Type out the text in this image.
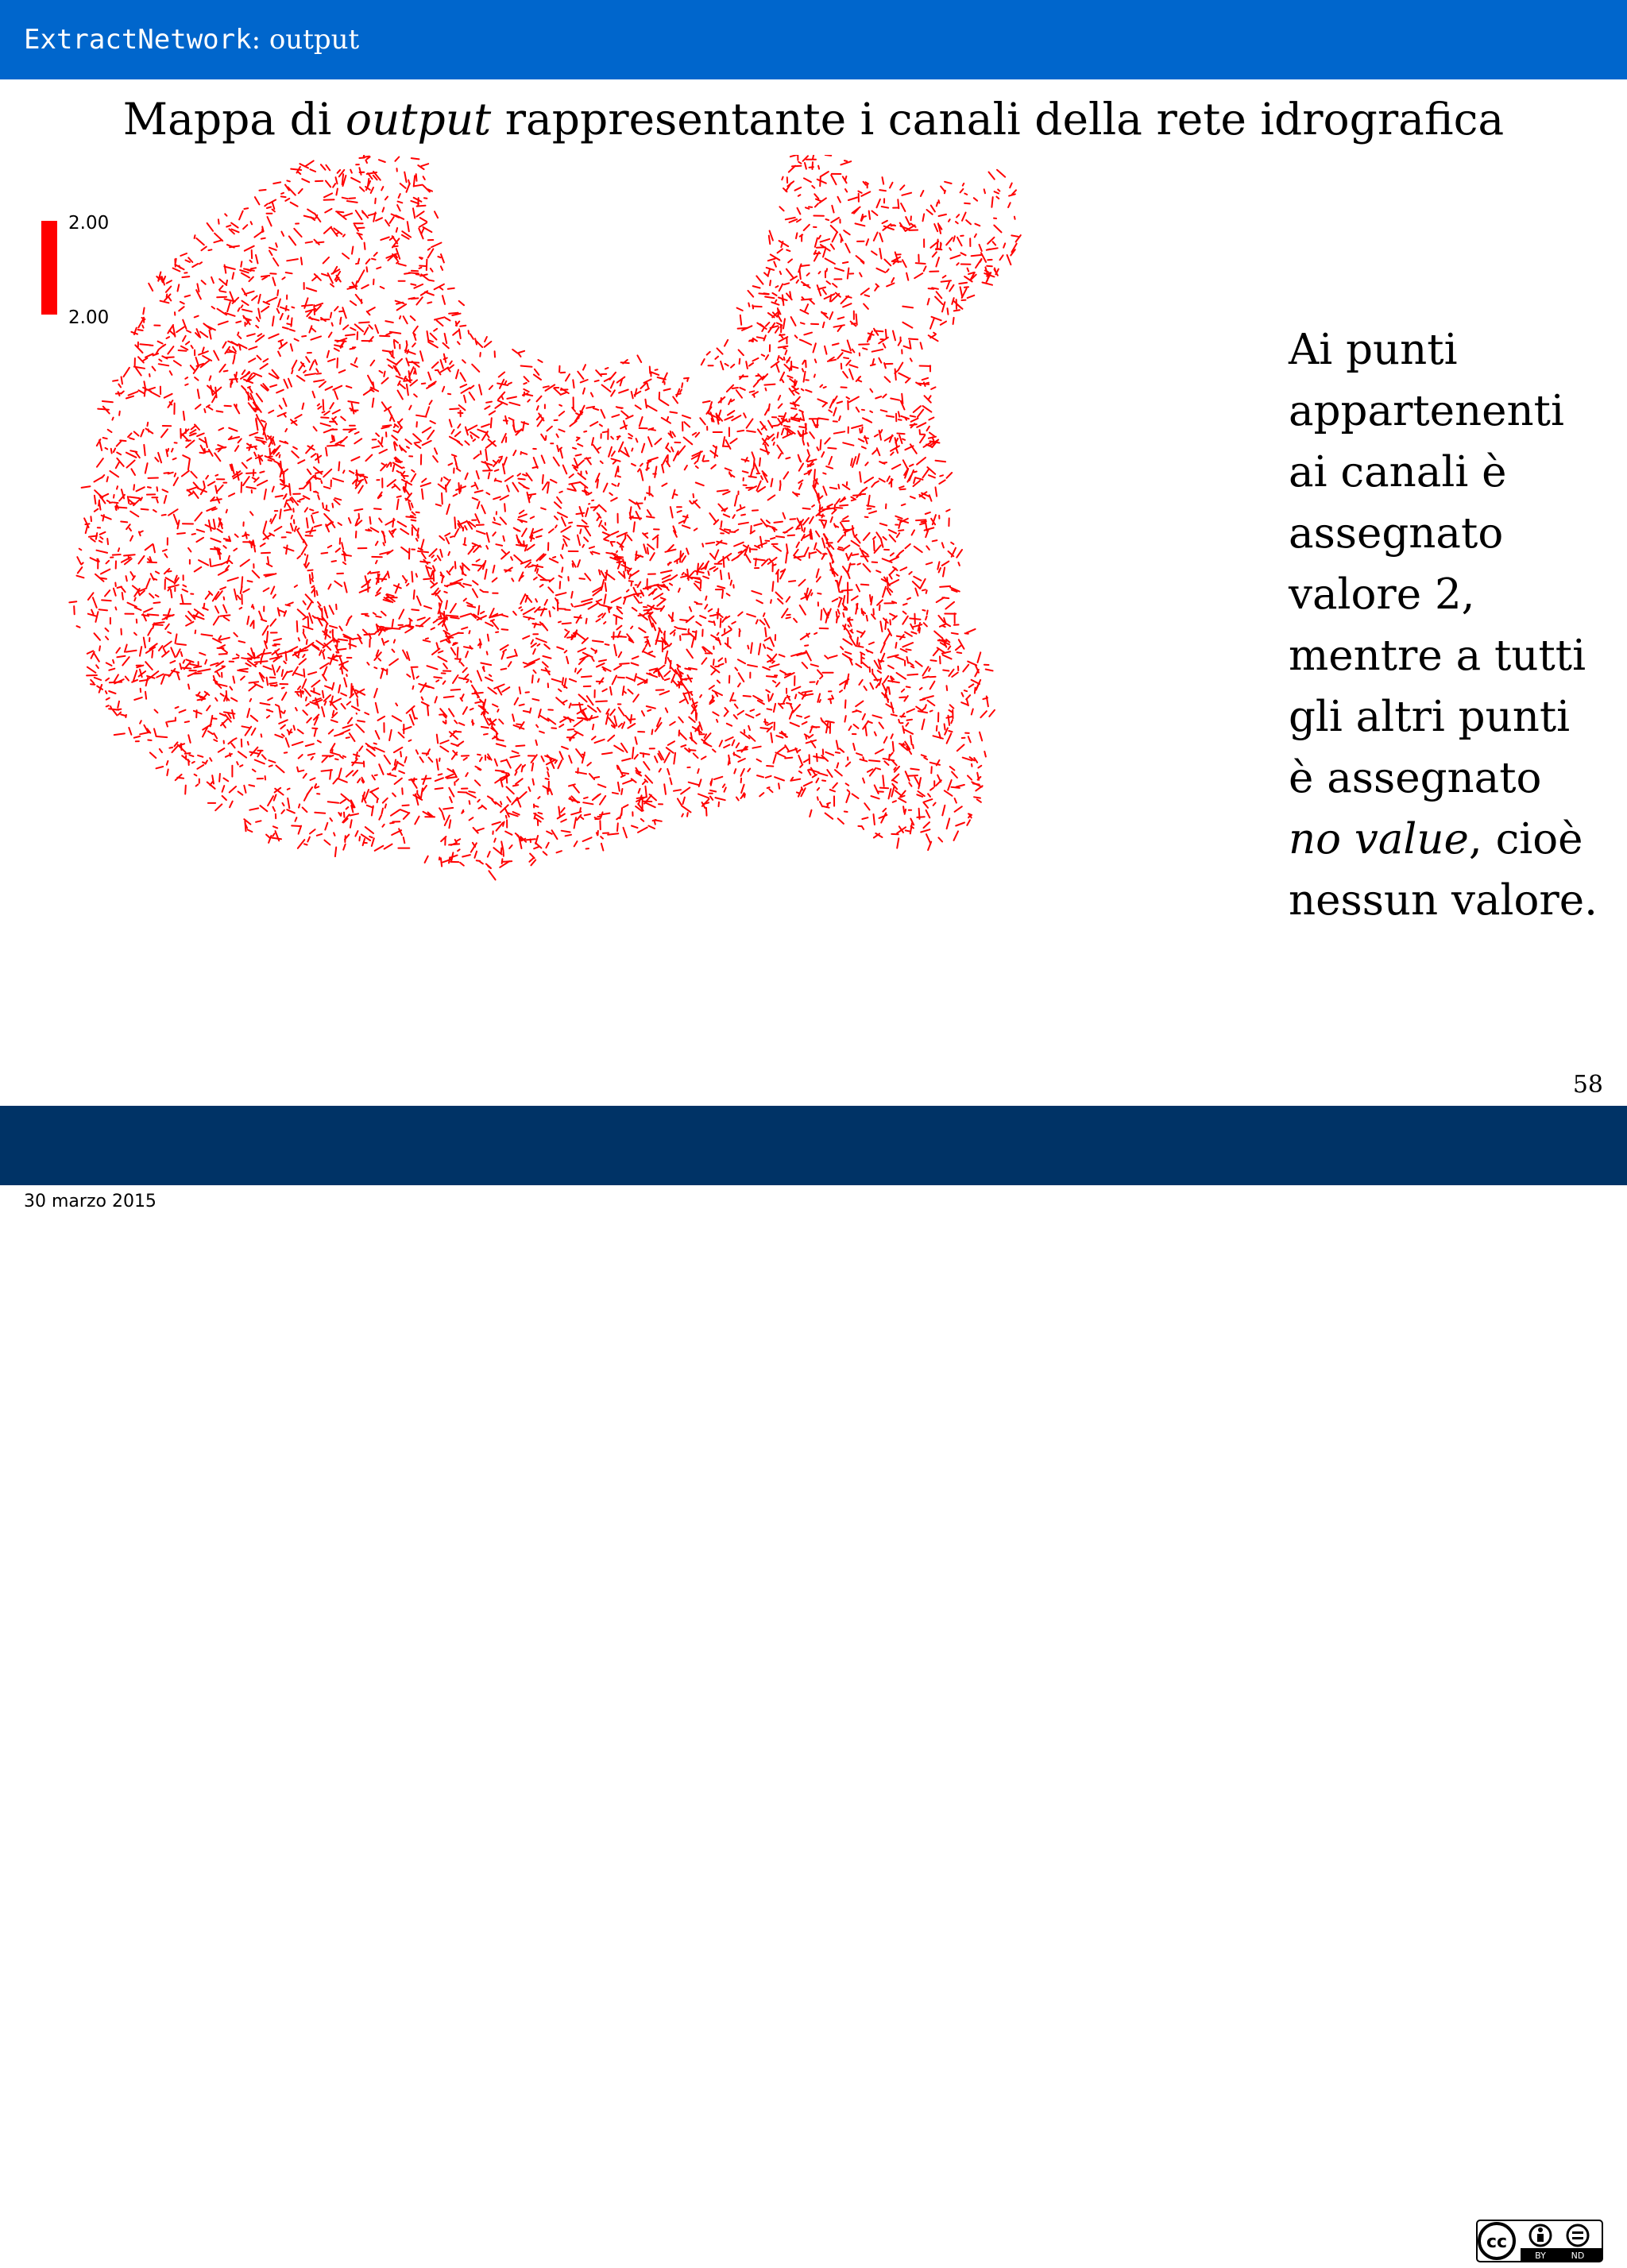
ExtractNetwork: output
Mappa di output rappresentante i canali della rete idrografica
2.00
2.00
Ai punti
appartenenti
ai canali è
assegnato
valore 2,
mentre a tutti
gli altri punti
è assegnato
no value, cioè
nessun valore.
58
S. Franceschi, L. Perathoner, M. Toro, G. Formetta	cc
BY	ND
30 marzo 2015
